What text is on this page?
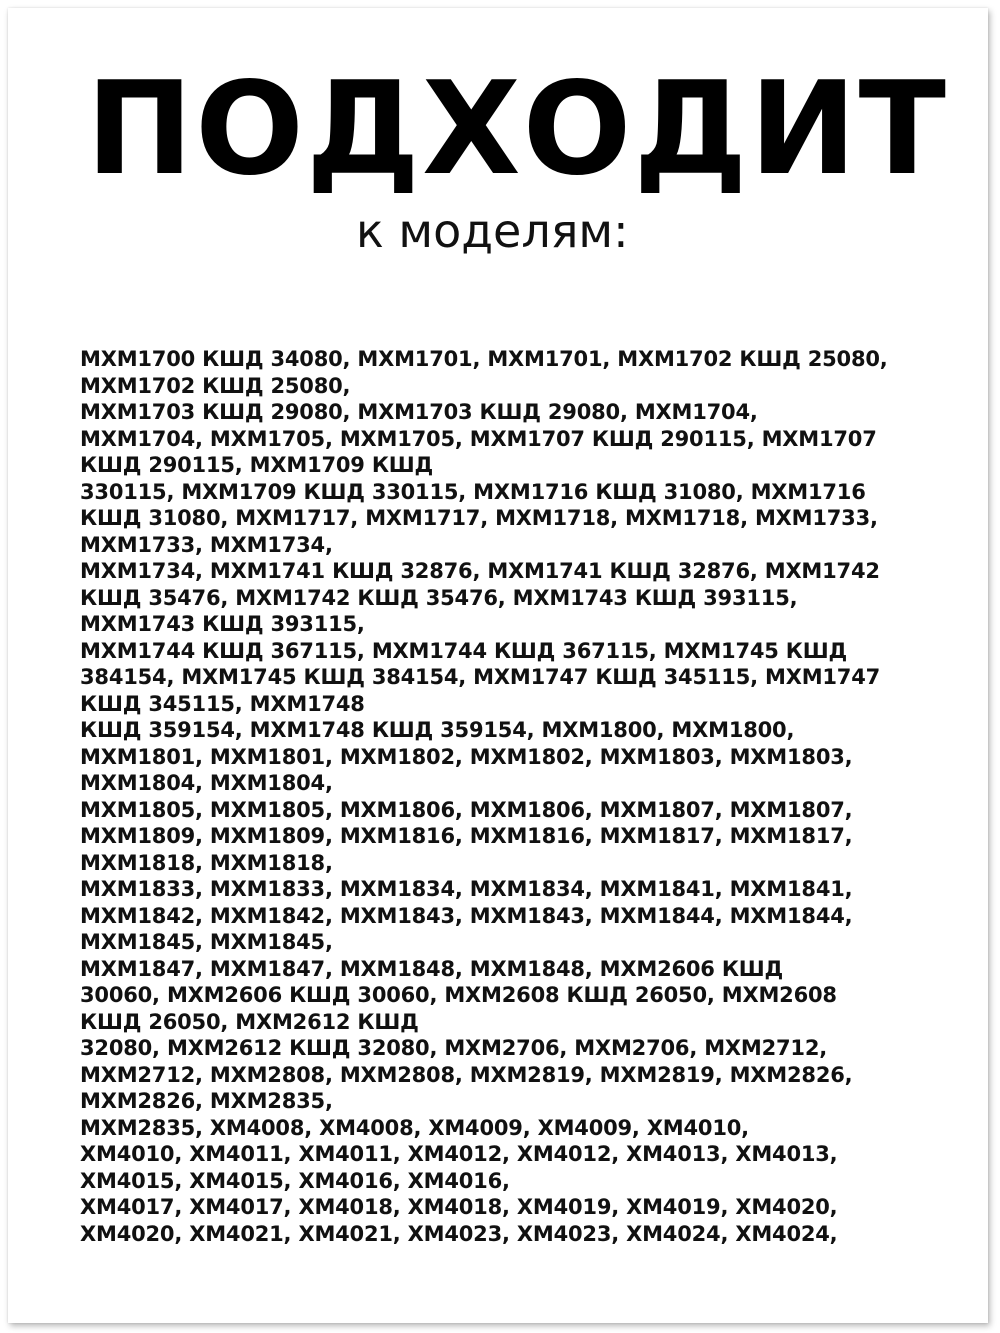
ПОДХОДИТ
к моделям:
MXM1700 КШД 34080, MXM1701, MXM1701, MXM1702 КШД 25080,
MXM1702 КШД 25080,
MXM1703 КШД 29080, MXM1703 КШД 29080, MXM1704,
MXM1704, MXM1705, MXM1705, MXM1707 КШД 290115, MXM1707
КШД 290115, MXM1709 КШД
330115, MXM1709 КШД 330115, MXM1716 КШД 31080, MXM1716
КШД 31080, MXM1717, MXM1717, MXM1718, MXM1718, MXM1733,
MXM1733, MXM1734,
MXM1734, MXM1741 КШД 32876, MXM1741 КШД 32876, MXM1742
КШД 35476, MXM1742 КШД 35476, MXM1743 КШД 393115,
MXM1743 КШД 393115,
MXM1744 КШД 367115, MXM1744 КШД 367115, MXM1745 КШД
384154, MXM1745 КШД 384154, MXM1747 КШД 345115, MXM1747
КШД 345115, MXM1748
КШД 359154, MXM1748 КШД 359154, MXM1800, MXM1800,
MXM1801, MXM1801, MXM1802, MXM1802, MXM1803, MXM1803,
MXM1804, MXM1804,
MXM1805, MXM1805, MXM1806, MXM1806, MXM1807, MXM1807,
MXM1809, MXM1809, MXM1816, MXM1816, MXM1817, MXM1817,
MXM1818, MXM1818,
MXM1833, MXM1833, MXM1834, MXM1834, MXM1841, MXM1841,
MXM1842, MXM1842, MXM1843, MXM1843, MXM1844, MXM1844,
MXM1845, MXM1845,
MXM1847, MXM1847, MXM1848, MXM1848, MXM2606 КШД
30060, MXM2606 КШД 30060, MXM2608 КШД 26050, MXM2608
КШД 26050, MXM2612 КШД
32080, MXM2612 КШД 32080, MXM2706, MXM2706, MXM2712,
MXM2712, MXM2808, MXM2808, MXM2819, MXM2819, MXM2826,
MXM2826, MXM2835,
MXM2835, XM4008, XM4008, XM4009, XM4009, XM4010,
XM4010, XM4011, XM4011, XM4012, XM4012, XM4013, XM4013,
XM4015, XM4015, XM4016, XM4016,
XM4017, XM4017, XM4018, XM4018, XM4019, XM4019, XM4020,
XM4020, XM4021, XM4021, XM4023, XM4023, XM4024, XM4024,
